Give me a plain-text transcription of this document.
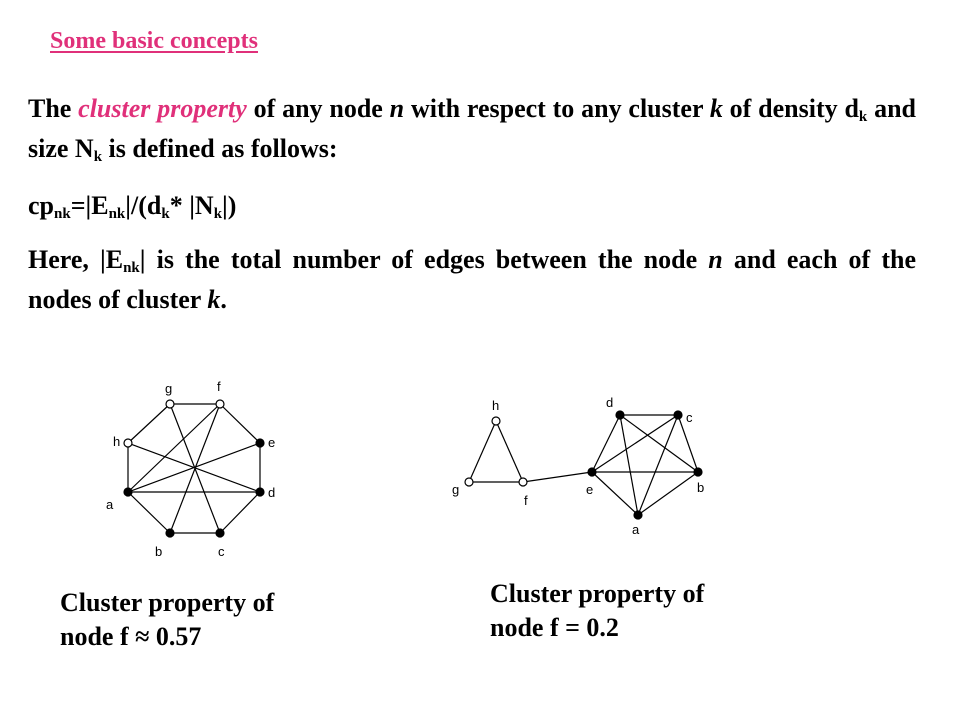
Some basic concepts
The cluster property of any node n with respect to any cluster k of density $d_k$ and size $N_k$ is defined as follows:
$cp_{nk}=|E_{nk}|/(d_k*$ $|N_k|$)
Here, $|E_{nk}|$ is the total number of edges between the node n and each of the nodes of cluster k.
g	f
h	e
a
d
b	c
h
g
f
d
c
e	b
a
Cluster property of
node f ≈ 0.57
Cluster property of
node f = 0.2
